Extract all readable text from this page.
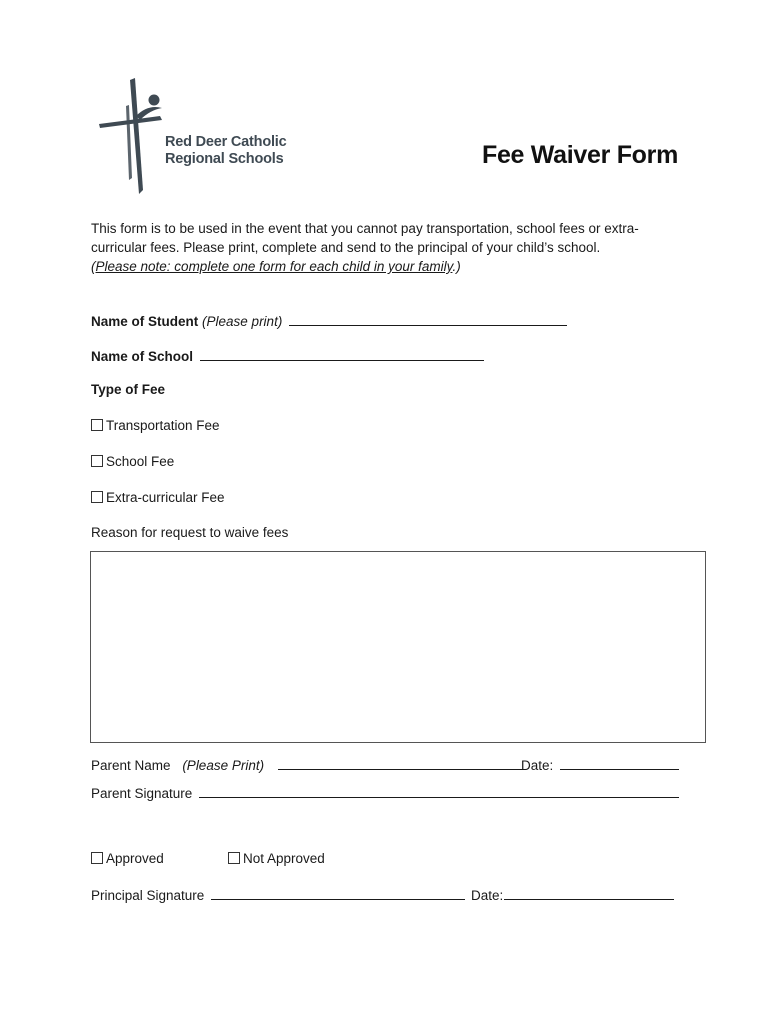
Red Deer Catholic
Regional Schools	Fee Waiver Form
This form is to be used in the event that you cannot pay transportation, school fees or extra-
curricular fees. Please print, complete and send to the principal of your child’s school.
(Please note: complete one form for each child in your family.)
Name of Student (Please print)
Name of School
Type of Fee
Transportation Fee
School Fee
Extra-curricular Fee
Reason for request to waive fees
Parent Name (Please Print)	Date:
Parent Signature
Approved	Not Approved
Principal Signature	Date:
